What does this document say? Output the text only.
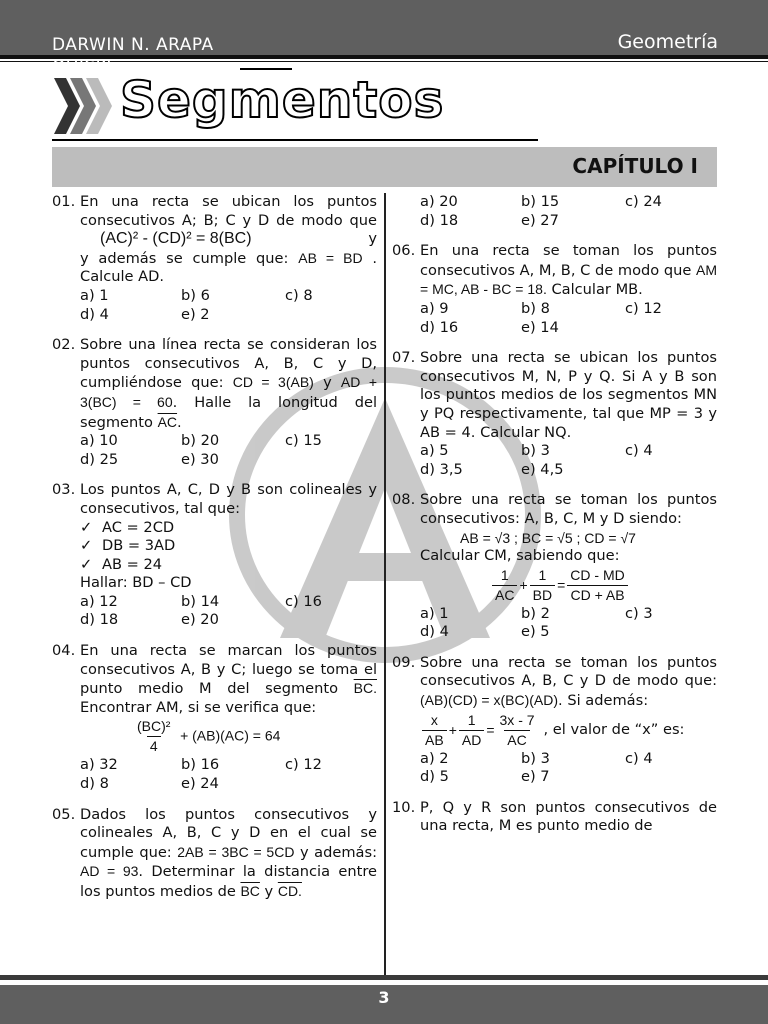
DARWIN N. ARAPA QUISPE
Geometría
Segmentos
CAPÍTULO I
01. En una recta se ubican los puntos consecutivos A; B; C y D de modo que (AC)² - (CD)² = 8(BC)	y

y además se cumple que: AB = BD . Calcule AD.
a) 1	b) 6	c) 8
d) 4	e) 2
02. Sobre una línea recta se consideran los puntos consecutivos A, B, C y D, cumpliéndose que: CD = 3(AB) y AD + 3(BC) = 60. Halle la longitud del segmento $\overline{AC}$.
a) 10	b) 20	c) 15
d) 25	e) 30
03. Los puntos A, C, D y B son colineales y consecutivos, tal que:
✓ AC = 2CD
✓ DB = 3AD
✓ AB = 24
Hallar: BD – CD
a) 12	b) 14	c) 16
d) 18	e) 20
04. En una recta se marcan los puntos consecutivos A, B y C; luego se toma el punto medio M del segmento BC. Encontrar AM, si se verifica que:
$\frac{\text{(BC)²}}{4} + (AB)(AC) = 64$
a) 32	b) 16	c) 12
d) 8	e) 24
05. Dados los puntos consecutivos y colineales A, B, C y D en el cual se cumple que: 2AB = 3BC = 5CD y además: AD = 93. Determinar la distancia entre los puntos medios de $\overline{BC}$ y CD.
a) 20	b) 15	c) 24
d) 18	e) 27
06. En una recta se toman los puntos consecutivos A, M, B, C de modo que AM = MC, AB - BC = 18. Calcular MB.
a) 9	b) 8	c) 12
d) 16	e) 14
07. Sobre una recta se ubican los puntos consecutivos M, N, P y Q. Si A y B son los puntos medios de los segmentos MN y PQ respectivamente, tal que MP = 3 y AB = 4. Calcular NQ.
a) 5	b) 3	c) 4
d) 3,5	e) 4,5
08. Sobre una recta se toman los puntos consecutivos: A, B, C, M y D siendo:
AB = √3 ; BC = √5 ; CD = √7
Calcular CM, sabiendo que:
$\frac{1}{AC} + \frac{1}{BD} = \frac{CD - MD}{CD + AB}$
a) 1	b) 2	c) 3
d) 4	e) 5
09. Sobre una recta se toman los puntos consecutivos A, B, C y D de modo que: (AB)(CD) = x(BC)(AD). Si además:
$\frac{x}{AB} + \frac{1}{AD} = \frac{3x - 7}{AC}$ , el valor de “x” es:
a) 2	b) 3	c) 4
d) 5	e) 7
10. P, Q y R son puntos consecutivos de una recta, M es punto medio de
3
